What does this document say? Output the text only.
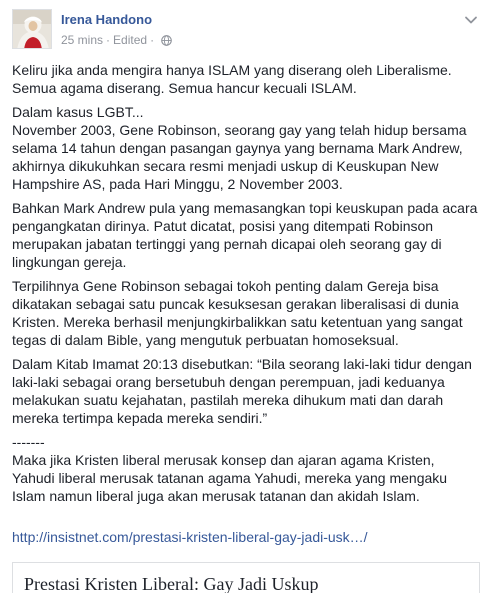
Irena Handono
25 mins · Edited ·

Keliru jika anda mengira hanya ISLAM yang diserang oleh Liberalisme. Semua agama diserang. Semua hancur kecuali ISLAM.

Dalam kasus LGBT...
November 2003, Gene Robinson, seorang gay yang telah hidup bersama selama 14 tahun dengan pasangan gaynya yang bernama Mark Andrew, akhirnya dikukuhkan secara resmi menjadi uskup di Keuskupan New Hampshire AS, pada Hari Minggu, 2 November 2003.

Bahkan Mark Andrew pula yang memasangkan topi keuskupan pada acara pengangkatan dirinya. Patut dicatat, posisi yang ditempati Robinson merupakan jabatan tertinggi yang pernah dicapai oleh seorang gay di lingkungan gereja.

Terpilihnya Gene Robinson sebagai tokoh penting dalam Gereja bisa dikatakan sebagai satu puncak kesuksesan gerakan liberalisasi di dunia Kristen. Mereka berhasil menjungkirbalikkan satu ketentuan yang sangat tegas di dalam Bible, yang mengutuk perbuatan homoseksual.

Dalam Kitab Imamat 20:13 disebutkan: “Bila seorang laki-laki tidur dengan laki-laki sebagai orang bersetubuh dengan perempuan, jadi keduanya melakukan suatu kejahatan, pastilah mereka dihukum mati dan darah mereka tertimpa kepada mereka sendiri.”

-------
Maka jika Kristen liberal merusak konsep dan ajaran agama Kristen, Yahudi liberal merusak tatanan agama Yahudi, mereka yang mengaku Islam namun liberal juga akan merusak tatanan dan akidah Islam.

http://insistnet.com/prestasi-kristen-liberal-gay-jadi-usk…/
Prestasi Kristen Liberal: Gay Jadi Uskup
